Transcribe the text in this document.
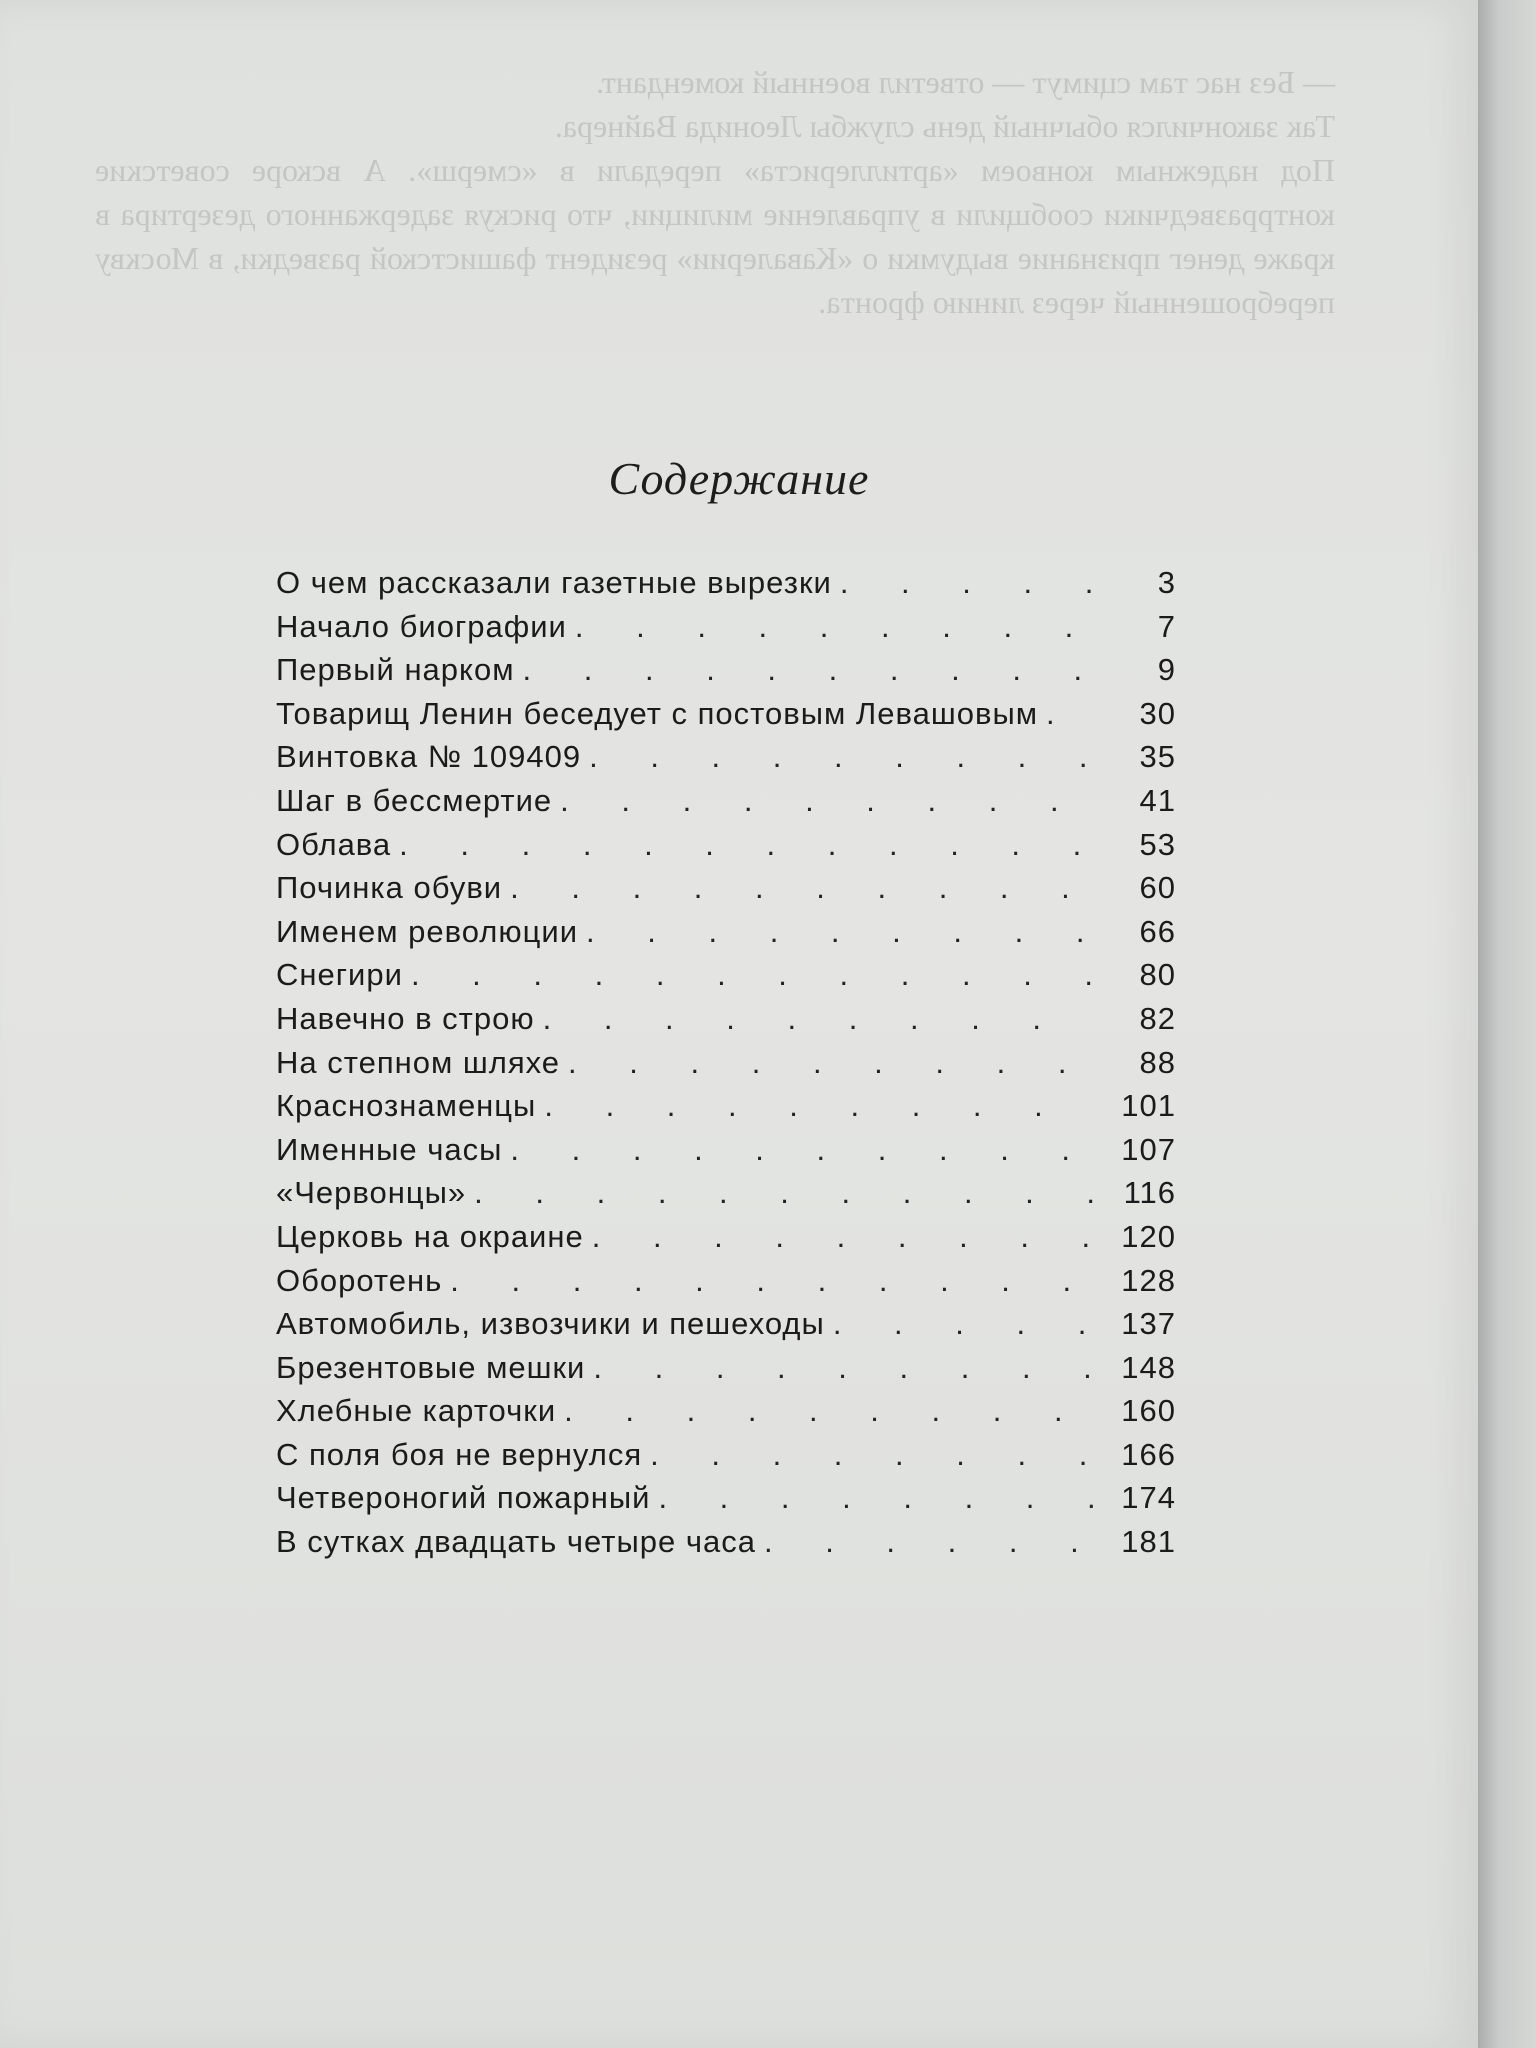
— Без нас там сцимут — ответил военный комендант.
Так закончился обычный день службы Леонида Вайнера.
Под надежным конвоем «артиллериста» передали в «смерш». А вскоре советские контрразведчики сообщили в управление милиции, что рискуя задержанного дезертира в краже денег признание выдумки о «Кавалерии» резидент фашистской разведки, в Москву переброшенный через линию фронта.
Содержание
О чем рассказали газетные вырезки . . .	3
Начало биографии . . .	7
Первый нарком . . .	9
Товарищ Ленин беседует с постовым Левашовым . . .	30
Винтовка № 109409 . . .	35
Шаг в бессмертие . . .	41
Облава . . .	53
Починка обуви . . .	60
Именем революции . . .	66
Снегири . . .	80
Навечно в строю . . .	82
На степном шляхе . . .	88
Краснознаменцы . . .	101
Именные часы . . .	107
«Червонцы» . . .	116
Церковь на окраине . . .	120
Оборотень . . .	128
Автомобиль, извозчики и пешеходы . . .	137
Брезентовые мешки . . .	148
Хлебные карточки . . .	160
С поля боя не вернулся . . .	166
Четвероногий пожарный . . .	174
В сутках двадцать четыре часа . . .	181
